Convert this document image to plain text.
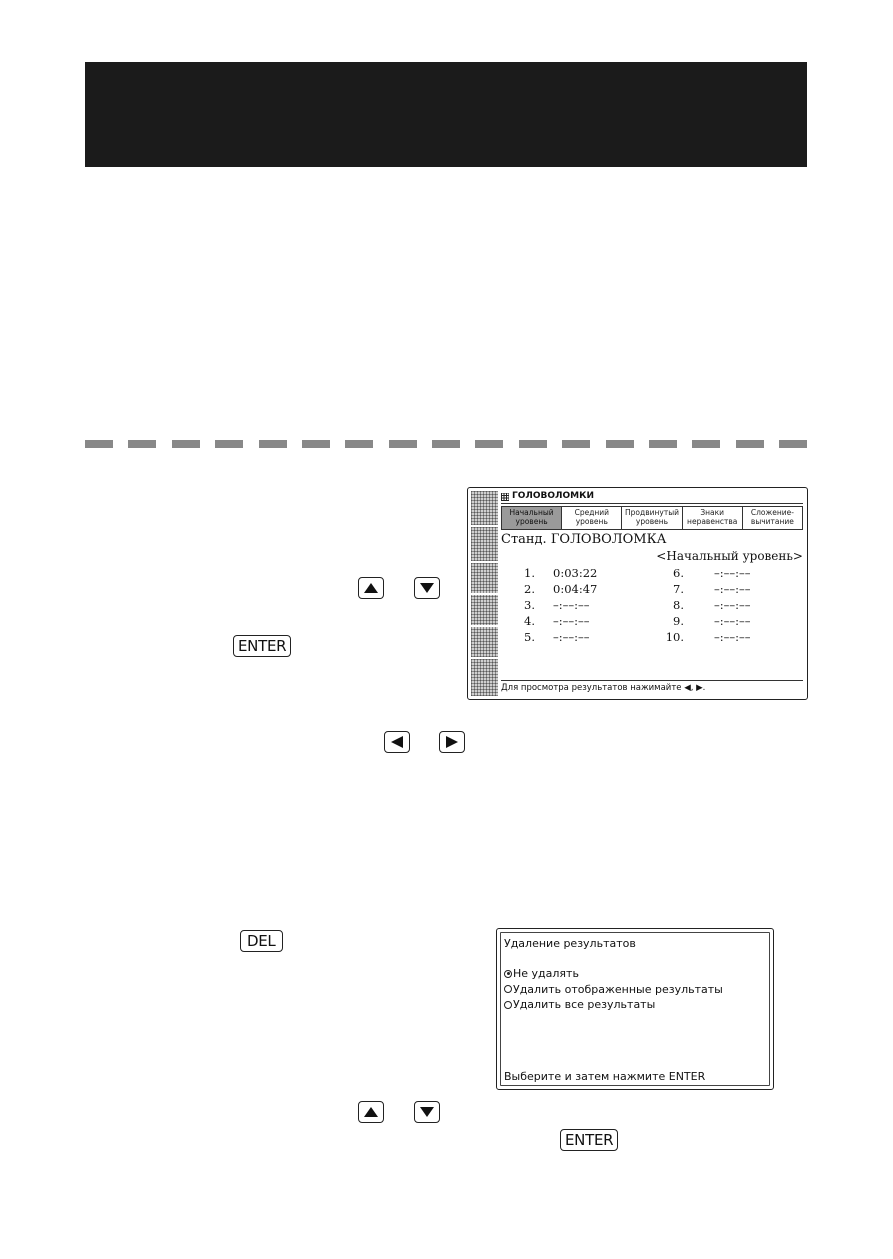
ENTER
ГОЛОВОЛОМКИ
Начальный
уровень
Средний
уровень
Продвинутый
уровень
Знаки
неравенства
Сложение-
вычитание
Станд. ГОЛОВОЛОМКА
<Начальный уровень>
1. 0:03:22	6.	–:––:––
2. 0:04:47	7.	–:––:––
3. –:––:––	8.	–:––:––
4. –:––:––	9.	–:––:––
5. –:––:––	10.	–:––:––
Для просмотра результатов нажимайте ◀, ▶.
DEL	Удаление результатов
Не удалять
Удалить отображенные результаты
Удалить все результаты
Выберите и затем нажмите ENTER
ENTER
